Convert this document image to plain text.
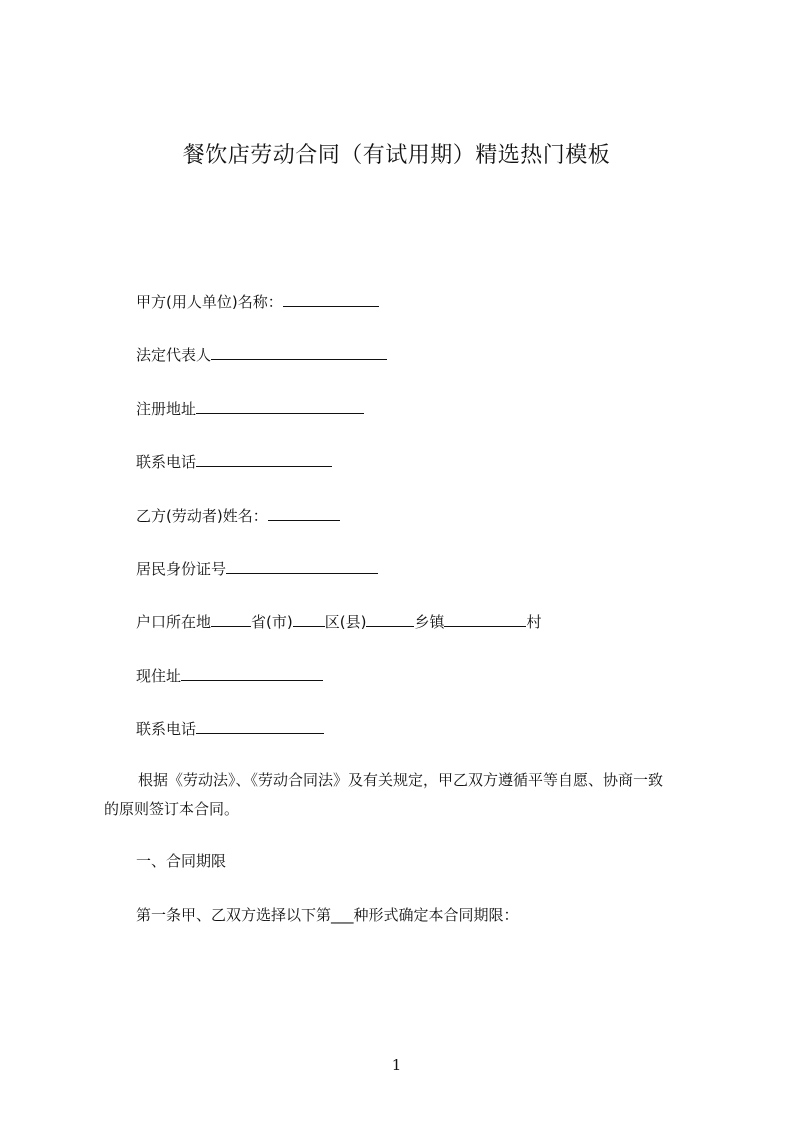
餐饮店劳动合同（有试用期）精选热门模板
甲方(用人单位)名称：
法定代表人
注册地址
联系电话
乙方(劳动者)姓名：
居民身份证号
户口所在地	省(市) 区(县)	乡镇	村
现住址
联系电话
根据《劳动法》、《劳动合同法》及有关规定，甲乙双方遵循平等自愿、协商一致
的原则签订本合同。
一、合同期限
第一条甲、乙双方选择以下第___种形式确定本合同期限：
1
